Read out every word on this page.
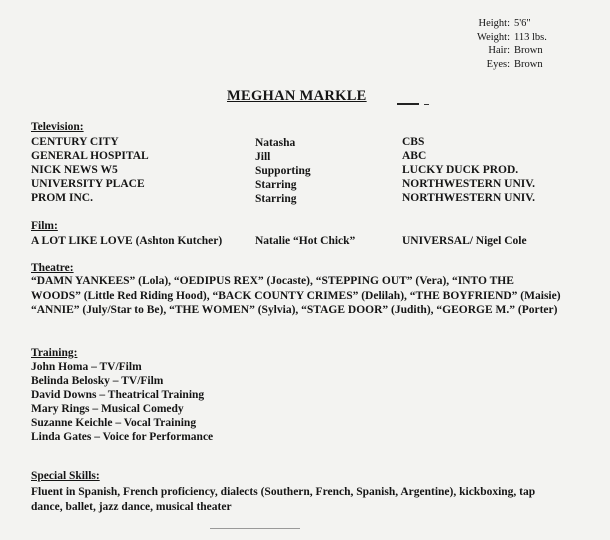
Height: 5'6"
Weight: 113 lbs.
Hair: Brown
Eyes: Brown
MEGHAN MARKLE
Television:
CENTURY CITY	Natasha	CBS
GENERAL HOSPITAL	Jill	ABC
NICK NEWS W5	Supporting	LUCKY DUCK PROD.
UNIVERSITY PLACE	Starring	NORTHWESTERN UNIV.
PROM INC.	Starring	NORTHWESTERN UNIV.
Film:
A LOT LIKE LOVE (Ashton Kutcher)	Natalie “Hot Chick”	UNIVERSAL/ Nigel Cole
Theatre:
“DAMN YANKEES” (Lola), “OEDIPUS REX” (Jocaste), “STEPPING OUT” (Vera), “INTO THE
WOODS” (Little Red Riding Hood), “BACK COUNTY CRIMES” (Delilah), “THE BOYFRIEND” (Maisie)
“ANNIE” (July/Star to Be), “THE WOMEN” (Sylvia), “STAGE DOOR” (Judith), “GEORGE M.” (Porter)
Training:
John Homa – TV/Film
Belinda Belosky – TV/Film
David Downs – Theatrical Training
Mary Rings – Musical Comedy
Suzanne Keichle – Vocal Training
Linda Gates – Voice for Performance
Special Skills:
Fluent in Spanish, French proficiency, dialects (Southern, French, Spanish, Argentine), kickboxing, tap
dance, ballet, jazz dance, musical theater
